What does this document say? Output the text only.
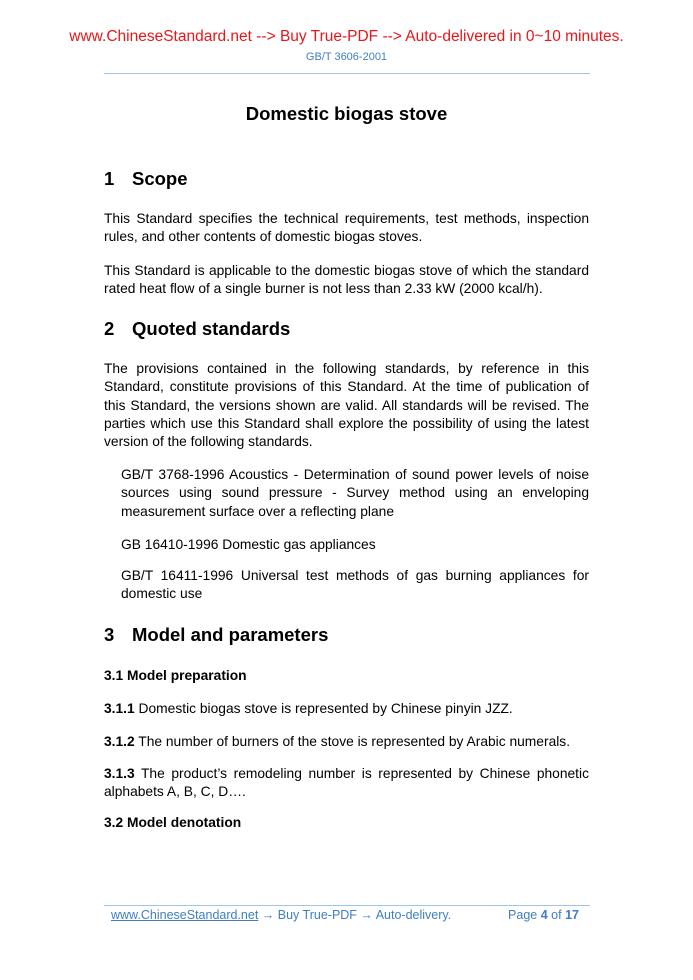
www.ChineseStandard.net --> Buy True-PDF --> Auto-delivered in 0~10 minutes.
GB/T 3606-2001
Domestic biogas stove
1 Scope
This Standard specifies the technical requirements, test methods, inspection rules, and other contents of domestic biogas stoves.
This Standard is applicable to the domestic biogas stove of which the standard rated heat flow of a single burner is not less than 2.33 kW (2000 kcal/h).
2 Quoted standards
The provisions contained in the following standards, by reference in this Standard, constitute provisions of this Standard. At the time of publication of this Standard, the versions shown are valid. All standards will be revised. The parties which use this Standard shall explore the possibility of using the latest version of the following standards.
GB/T 3768-1996 Acoustics - Determination of sound power levels of noise sources using sound pressure - Survey method using an enveloping measurement surface over a reflecting plane
GB 16410-1996 Domestic gas appliances
GB/T 16411-1996 Universal test methods of gas burning appliances for domestic use
3 Model and parameters
3.1 Model preparation
3.1.1 Domestic biogas stove is represented by Chinese pinyin JZZ.
3.1.2 The number of burners of the stove is represented by Arabic numerals.
3.1.3 The product’s remodeling number is represented by Chinese phonetic alphabets A, B, C, D….
3.2 Model denotation
www.ChineseStandard.net → Buy True-PDF → Auto-delivery.	Page 4 of 17
